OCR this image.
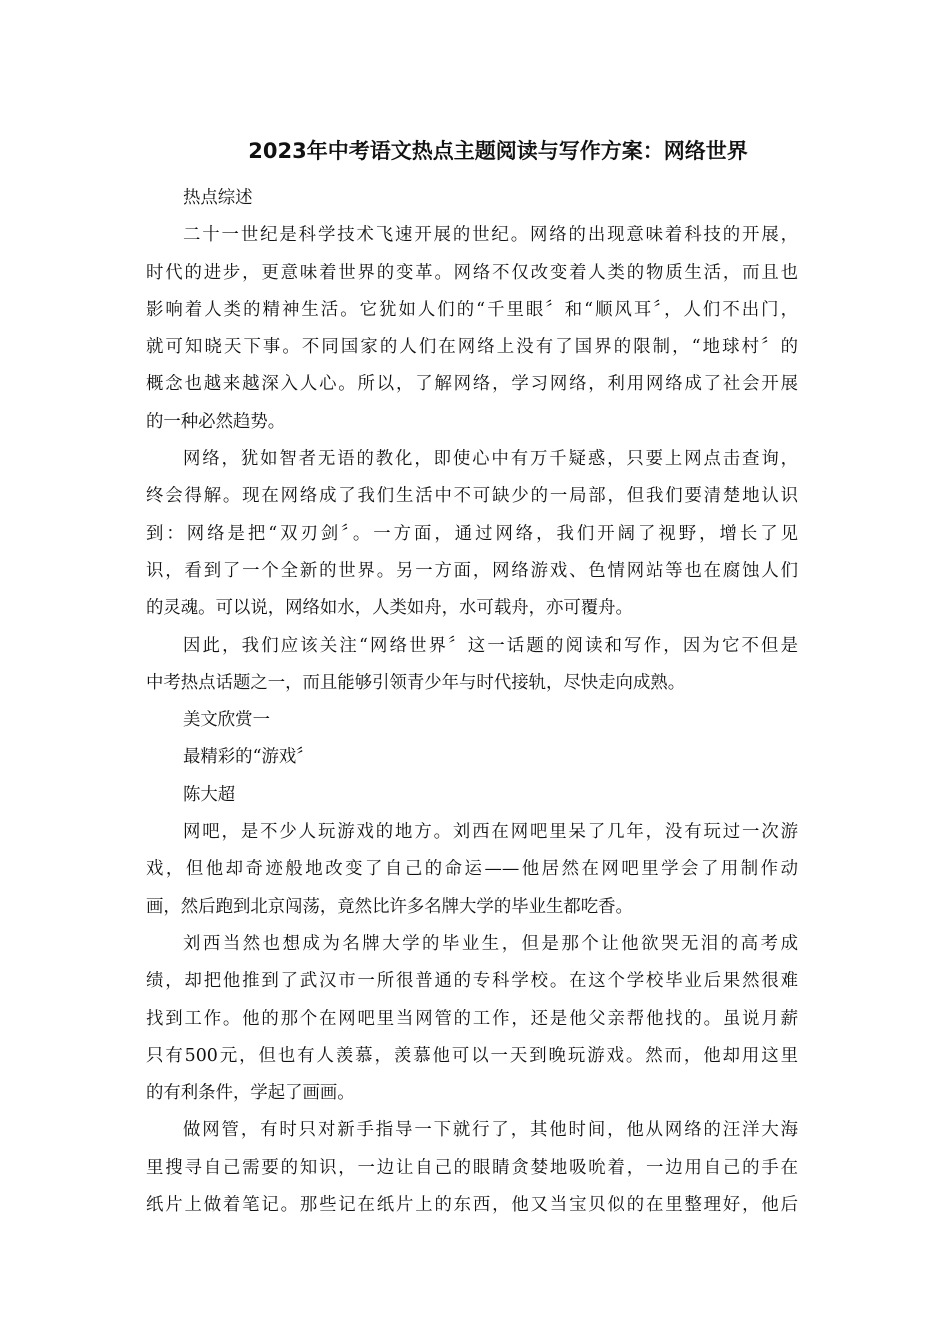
2023年中考语文热点主题阅读与写作方案：网络世界
热点综述
二十一世纪是科学技术飞速开展的世纪。网络的出现意味着科技的开展，
时代的进步，更意味着世界的变革。网络不仅改变着人类的物质生活，而且也
影响着人类的精神生活。它犹如人们的“千里眼〞和“顺风耳〞，人们不出门，
就可知晓天下事。不同国家的人们在网络上没有了国界的限制，“地球村〞的
概念也越来越深入人心。所以，了解网络，学习网络，利用网络成了社会开展
的一种必然趋势。
网络，犹如智者无语的教化，即使心中有万千疑惑，只要上网点击查询，
终会得解。现在网络成了我们生活中不可缺少的一局部，但我们要清楚地认识
到：网络是把“双刃剑〞。一方面，通过网络，我们开阔了视野，增长了见
识，看到了一个全新的世界。另一方面，网络游戏、色情网站等也在腐蚀人们
的灵魂。可以说，网络如水，人类如舟，水可载舟，亦可覆舟。
因此，我们应该关注“网络世界〞这一话题的阅读和写作，因为它不但是
中考热点话题之一，而且能够引领青少年与时代接轨，尽快走向成熟。
美文欣赏一
最精彩的“游戏〞
陈大超
网吧，是不少人玩游戏的地方。刘西在网吧里呆了几年，没有玩过一次游
戏，但他却奇迹般地改变了自己的命运——他居然在网吧里学会了用制作动
画，然后跑到北京闯荡，竟然比许多名牌大学的毕业生都吃香。
刘西当然也想成为名牌大学的毕业生，但是那个让他欲哭无泪的高考成
绩，却把他推到了武汉市一所很普通的专科学校。在这个学校毕业后果然很难
找到工作。他的那个在网吧里当网管的工作，还是他父亲帮他找的。虽说月薪
只有500元，但也有人羡慕，羡慕他可以一天到晚玩游戏。然而，他却用这里
的有利条件，学起了画画。
做网管，有时只对新手指导一下就行了，其他时间，他从网络的汪洋大海
里搜寻自己需要的知识，一边让自己的眼睛贪婪地吸吮着，一边用自己的手在
纸片上做着笔记。那些记在纸片上的东西，他又当宝贝似的在里整理好，他后
